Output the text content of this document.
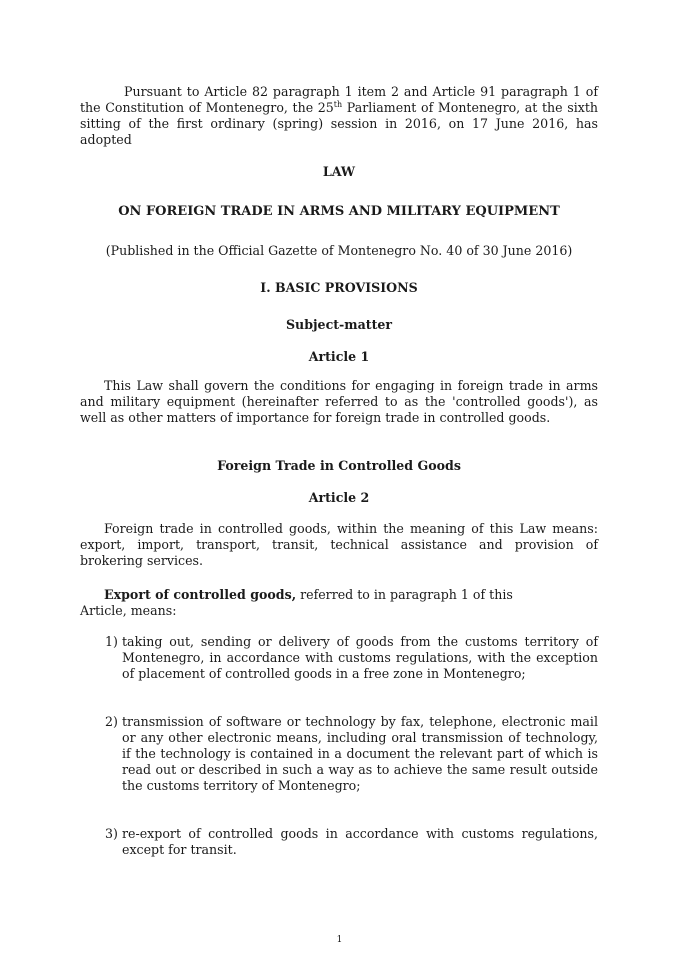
Pursuant to Article 82 paragraph 1 item 2 and Article 91 paragraph 1 of the Constitution of Montenegro, the 25th Parliament of Montenegro, at the sixth sitting of the first ordinary (spring) session in 2016, on 17 June 2016, has adopted

LAW

ON FOREIGN TRADE IN ARMS AND MILITARY EQUIPMENT

(Published in the Official Gazette of Montenegro No. 40 of 30 June 2016)

I. BASIC PROVISIONS

Subject-matter

Article 1

This Law shall govern the conditions for engaging in foreign trade in arms and military equipment (hereinafter referred to as the 'controlled goods'), as well as other matters of importance for foreign trade in controlled goods.

Foreign Trade in Controlled Goods

Article 2

Foreign trade in controlled goods, within the meaning of this Law means: export, import, transport, transit, technical assistance and provision of brokering services.

Export of controlled goods, referred to in paragraph 1 of this Article, means:

1) taking out, sending or delivery of goods from the customs territory of Montenegro, in accordance with customs regulations, with the exception of placement of controlled goods in a free zone in Montenegro;
2) transmission of software or technology by fax, telephone, electronic mail or any other electronic means, including oral transmission of technology, if the technology is contained in a document the relevant part of which is read out or described in such a way as to achieve the same result outside the customs territory of Montenegro;
3) re-export of controlled goods in accordance with customs regulations, except for transit.
1
